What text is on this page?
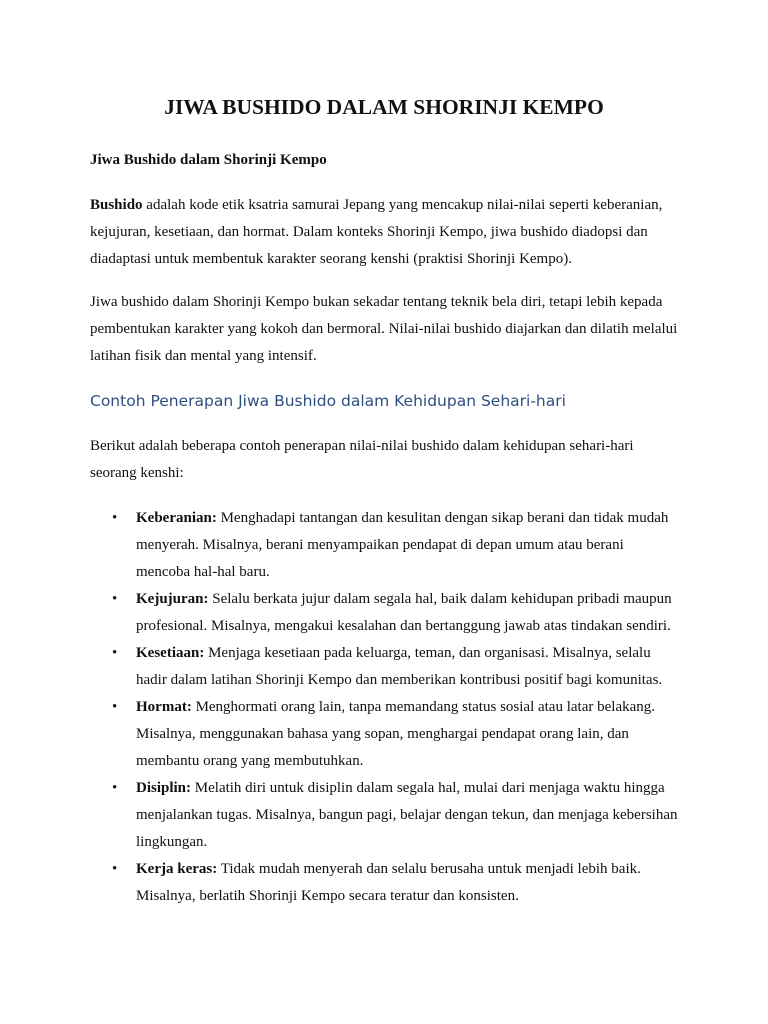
JIWA BUSHIDO DALAM SHORINJI KEMPO

Jiwa Bushido dalam Shorinji Kempo

Bushido adalah kode etik ksatria samurai Jepang yang mencakup nilai-nilai seperti keberanian, kejujuran, kesetiaan, dan hormat. Dalam konteks Shorinji Kempo, jiwa bushido diadopsi dan diadaptasi untuk membentuk karakter seorang kenshi (praktisi Shorinji Kempo).

Jiwa bushido dalam Shorinji Kempo bukan sekadar tentang teknik bela diri, tetapi lebih kepada pembentukan karakter yang kokoh dan bermoral. Nilai-nilai bushido diajarkan dan dilatih melalui latihan fisik dan mental yang intensif.

Contoh Penerapan Jiwa Bushido dalam Kehidupan Sehari-hari

Berikut adalah beberapa contoh penerapan nilai-nilai bushido dalam kehidupan sehari-hari seorang kenshi:

• Keberanian: Menghadapi tantangan dan kesulitan dengan sikap berani dan tidak mudah menyerah. Misalnya, berani menyampaikan pendapat di depan umum atau berani mencoba hal-hal baru.
• Kejujuran: Selalu berkata jujur dalam segala hal, baik dalam kehidupan pribadi maupun profesional. Misalnya, mengakui kesalahan dan bertanggung jawab atas tindakan sendiri.
• Kesetiaan: Menjaga kesetiaan pada keluarga, teman, dan organisasi. Misalnya, selalu hadir dalam latihan Shorinji Kempo dan memberikan kontribusi positif bagi komunitas.
• Hormat: Menghormati orang lain, tanpa memandang status sosial atau latar belakang. Misalnya, menggunakan bahasa yang sopan, menghargai pendapat orang lain, dan membantu orang yang membutuhkan.
• Disiplin: Melatih diri untuk disiplin dalam segala hal, mulai dari menjaga waktu hingga menjalankan tugas. Misalnya, bangun pagi, belajar dengan tekun, dan menjaga kebersihan lingkungan.
• Kerja keras: Tidak mudah menyerah dan selalu berusaha untuk menjadi lebih baik. Misalnya, berlatih Shorinji Kempo secara teratur dan konsisten.
